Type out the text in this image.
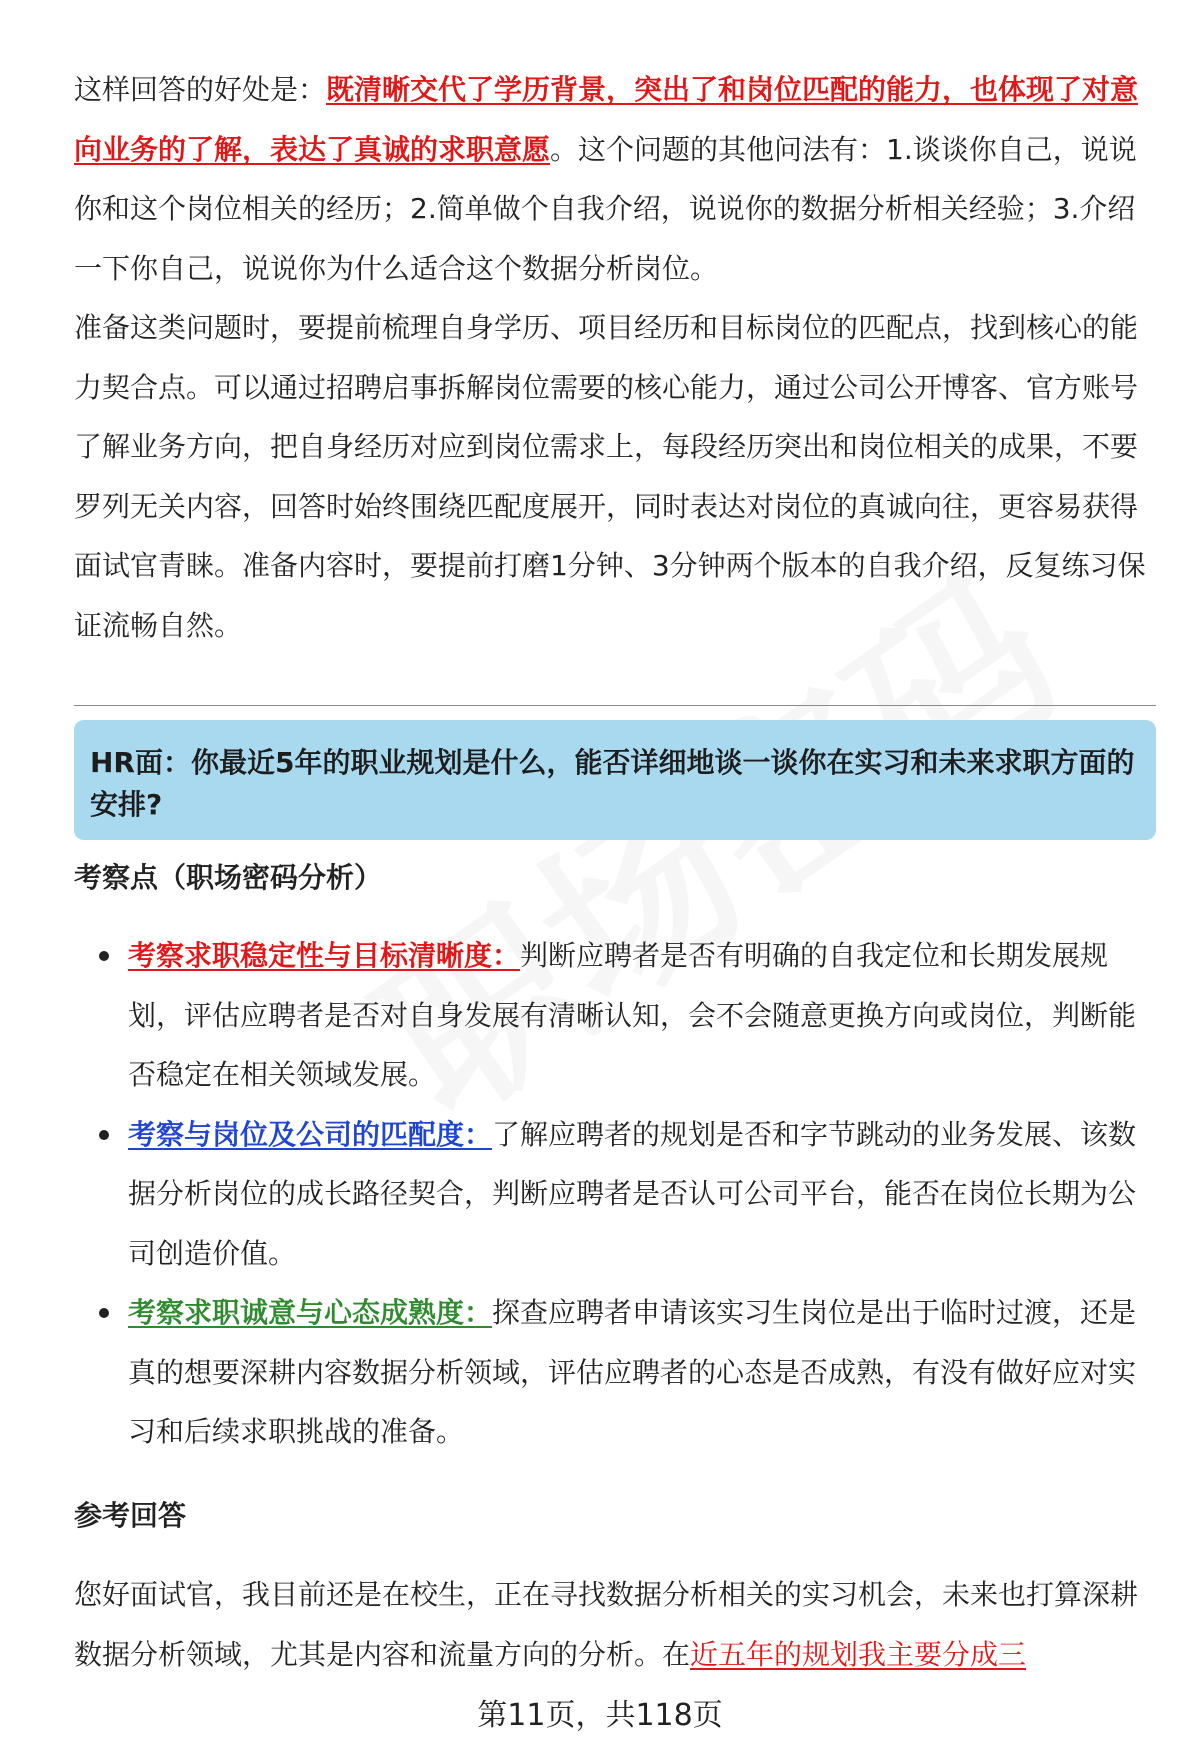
这样回答的好处是：既清晰交代了学历背景，突出了和岗位匹配的能力，也体现了对意向业务的了解，表达了真诚的求职意愿。这个问题的其他问法有：1.谈谈你自己，说说你和这个岗位相关的经历；2.简单做个自我介绍，说说你的数据分析相关经验；3.介绍一下你自己，说说你为什么适合这个数据分析岗位。

准备这类问题时，要提前梳理自身学历、项目经历和目标岗位的匹配点，找到核心的能力契合点。可以通过招聘启事拆解岗位需要的核心能力，通过公司公开博客、官方账号了解业务方向，把自身经历对应到岗位需求上，每段经历突出和岗位相关的成果，不要罗列无关内容，回答时始终围绕匹配度展开，同时表达对岗位的真诚向往，更容易获得面试官青睐。准备内容时，要提前打磨1分钟、3分钟两个版本的自我介绍，反复练习保证流畅自然。

HR面：你最近5年的职业规划是什么，能否详细地谈一谈你在实习和未来求职方面的安排?
考察点（职场密码分析）
考察求职稳定性与目标清晰度：判断应聘者是否有明确的自我定位和长期发展规划，评估应聘者是否对自身发展有清晰认知，会不会随意更换方向或岗位，判断能否稳定在相关领域发展。
考察与岗位及公司的匹配度：了解应聘者的规划是否和字节跳动的业务发展、该数据分析岗位的成长路径契合，判断应聘者是否认可公司平台，能否在岗位长期为公司创造价值。
考察求职诚意与心态成熟度：探查应聘者申请该实习生岗位是出于临时过渡，还是真的想要深耕内容数据分析领域，评估应聘者的心态是否成熟，有没有做好应对实习和后续求职挑战的准备。
参考回答

您好面试官，我目前还是在校生，正在寻找数据分析相关的实习机会，未来也打算深耕数据分析领域，尤其是内容和流量方向的分析。在近五年的规划我主要分成三

第11页，共118页
